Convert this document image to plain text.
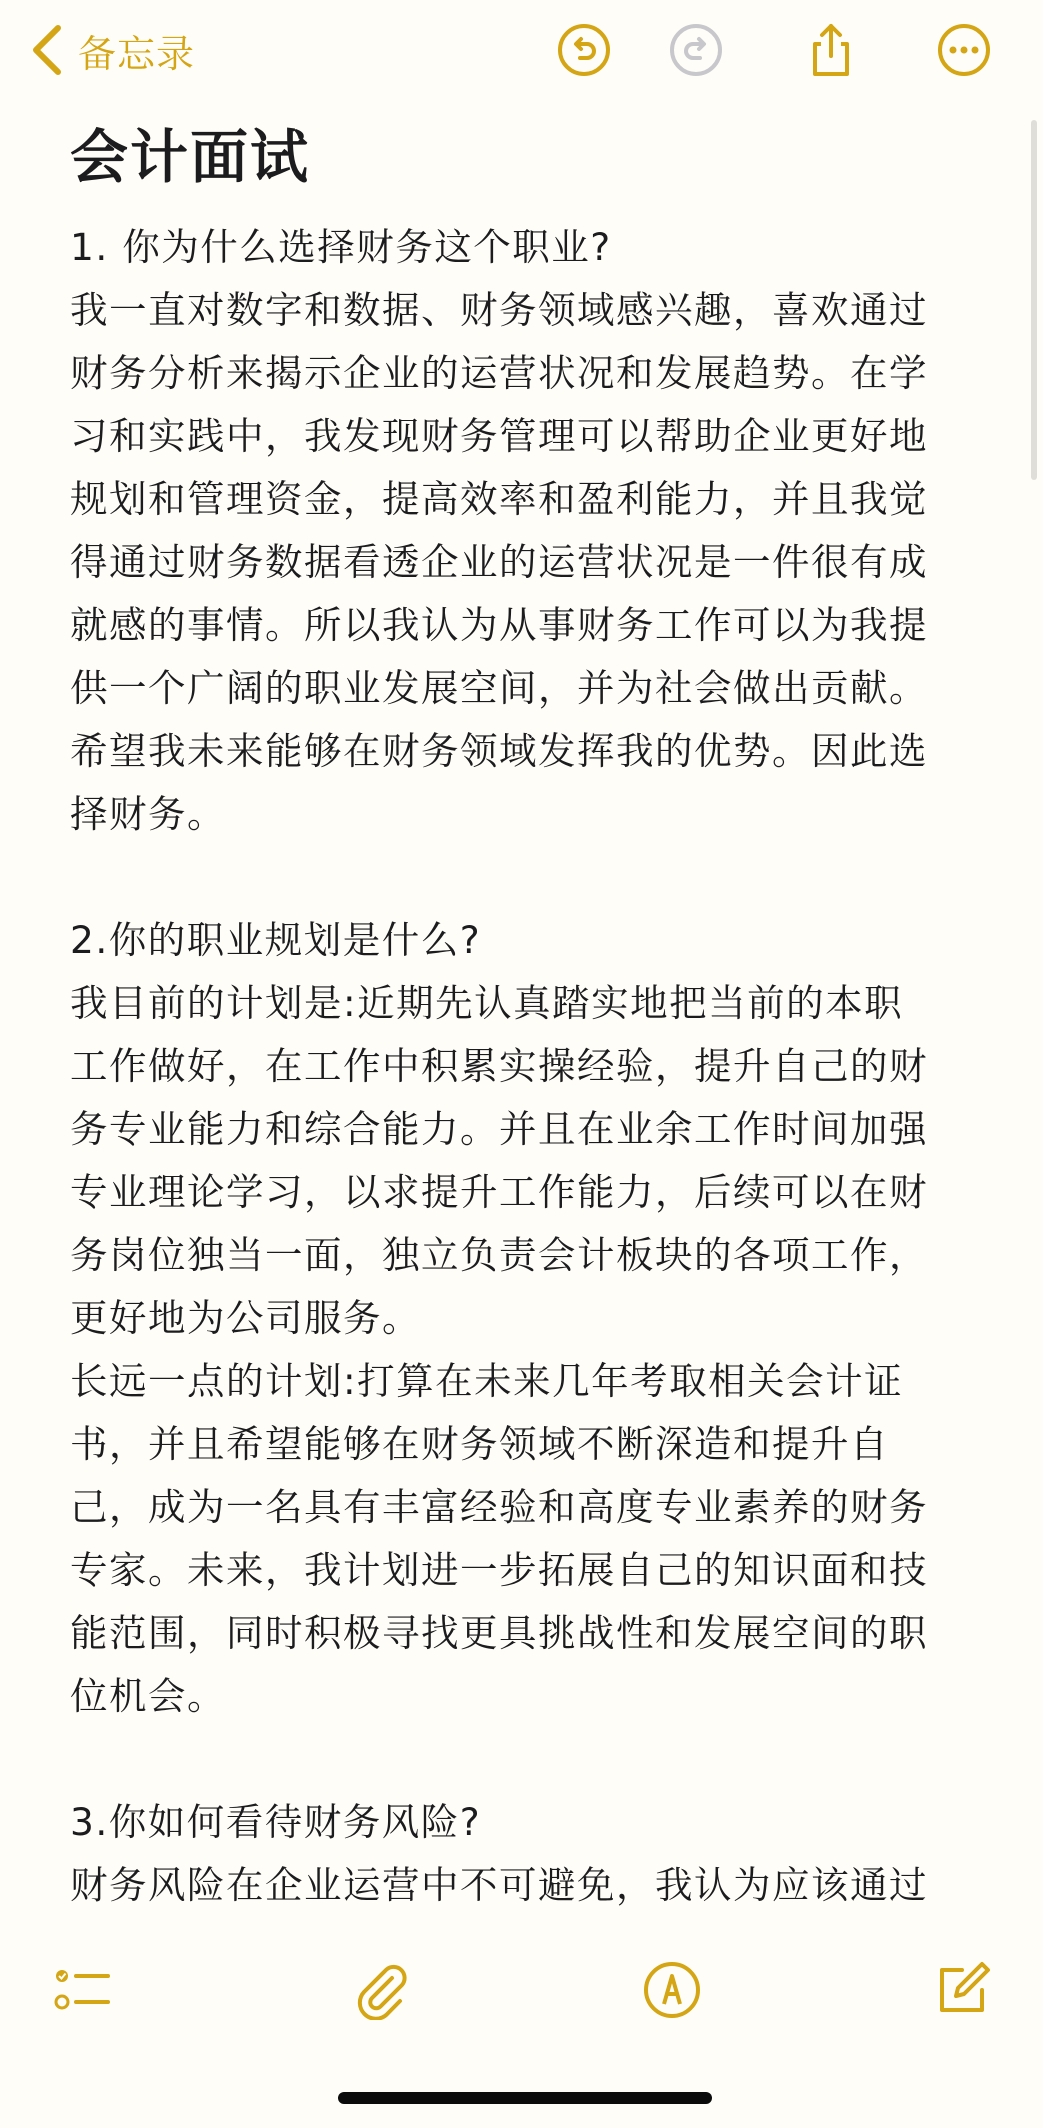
备忘录
会计面试

1. 你为什么选择财务这个职业?

我一直对数字和数据、财务领域感兴趣，喜欢通过

财务分析来揭示企业的运营状况和发展趋势。在学

习和实践中，我发现财务管理可以帮助企业更好地

规划和管理资金，提高效率和盈利能力，并且我觉

得通过财务数据看透企业的运营状况是一件很有成

就感的事情。所以我认为从事财务工作可以为我提

供一个广阔的职业发展空间，并为社会做出贡献。

希望我未来能够在财务领域发挥我的优势。因此选

择财务。

2.你的职业规划是什么?

我目前的计划是:近期先认真踏实地把当前的本职

工作做好，在工作中积累实操经验，提升自己的财

务专业能力和综合能力。并且在业余工作时间加强

专业理论学习，以求提升工作能力，后续可以在财

务岗位独当一面，独立负责会计板块的各项工作，

更好地为公司服务。

长远一点的计划:打算在未来几年考取相关会计证

书，并且希望能够在财务领域不断深造和提升自

己，成为一名具有丰富经验和高度专业素养的财务

专家。未来，我计划进一步拓展自己的知识面和技

能范围，同时积极寻找更具挑战性和发展空间的职

位机会。

3.你如何看待财务风险?

财务风险在企业运营中不可避免，我认为应该通过
